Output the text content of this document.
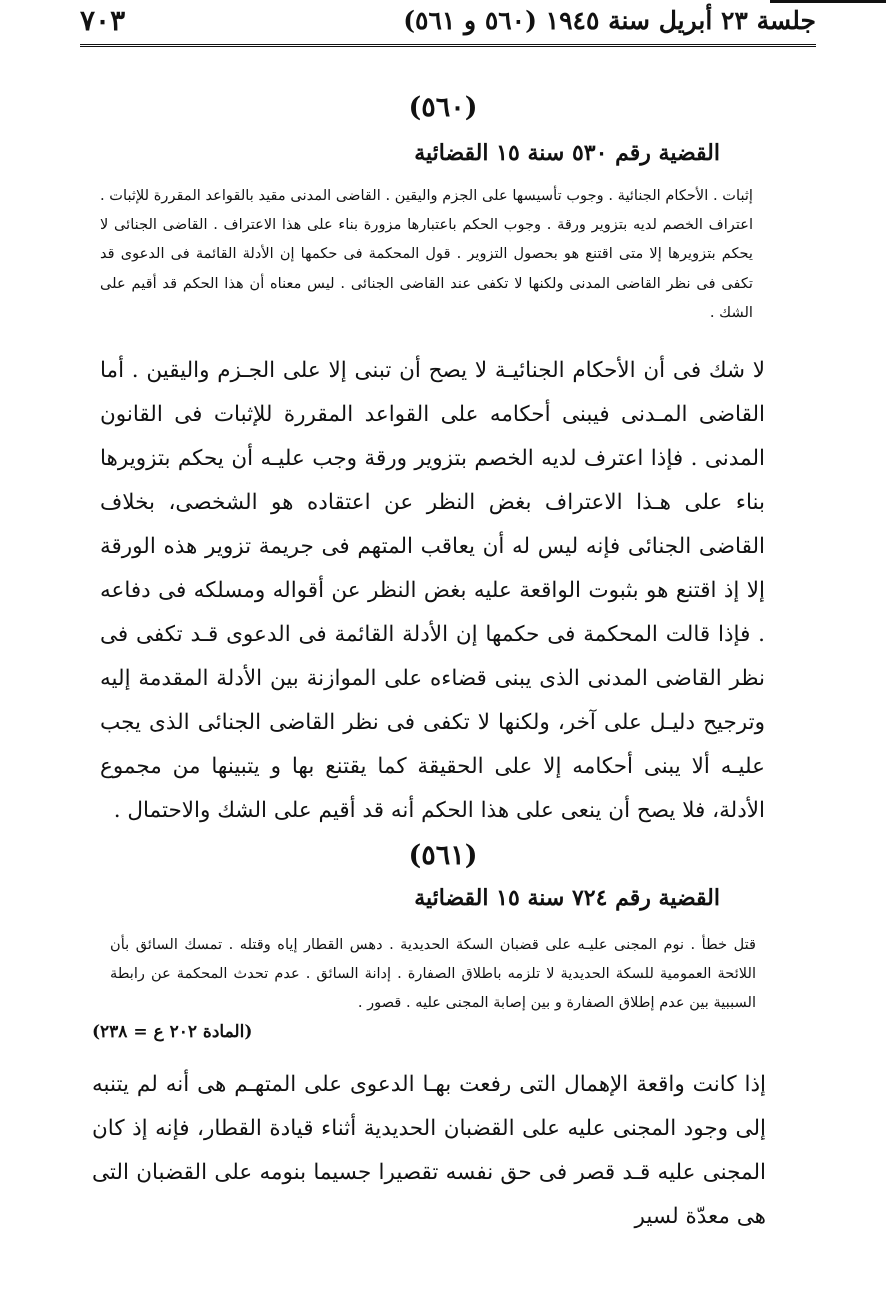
جلسة ٢٣ أبريل سنة ١٩٤٥ (٥٦٠ و ٥٦١)
٧٠٣
(٥٦٠)
القضية رقم ٥٣٠ سنة ١٥ القضائية
إثبات . الأحكام الجنائية . وجوب تأسيسها على الجزم واليقين . القاضى المدنى مقيد بالقواعد المقررة للإثبات . اعتراف الخصم لديه بتزوير ورقة . وجوب الحكم باعتبارها مزورة بناء على هذا الاعتراف . القاضى الجنائى لا يحكم بتزويرها إلا متى اقتنع هو بحصول التزوير . قول المحكمة فى حكمها إن الأدلة القائمة فى الدعوى قد تكفى فى نظر القاضى المدنى ولكنها لا تكفى عند القاضى الجنائى . ليس معناه أن هذا الحكم قد أقيم على الشك .
لا شك فى أن الأحكام الجنائيـة لا يصح أن تبنى إلا على الجـزم واليقين . أما القاضى المـدنى فيبنى أحكامه على القواعد المقررة للإثبات فى القانون المدنى . فإذا اعترف لديه الخصم بتزوير ورقة وجب عليـه أن يحكم بتزويرها بناء على هـذا الاعتراف بغض النظر عن اعتقاده هو الشخصى، بخلاف القاضى الجنائى فإنه ليس له أن يعاقب المتهم فى جريمة تزوير هذه الورقة إلا إذ اقتنع هو بثبوت الواقعة عليه بغض النظر عن أقواله ومسلكه فى دفاعه . فإذا قالت المحكمة فى حكمها إن الأدلة القائمة فى الدعوى قـد تكفى فى نظر القاضى المدنى الذى يبنى قضاءه على الموازنة بين الأدلة المقدمة إليه وترجيح دليـل على آخر، ولكنها لا تكفى فى نظر القاضى الجنائى الذى يجب عليـه ألا يبنى أحكامه إلا على الحقيقة كما يقتنع بها و يتبينها من مجموع الأدلة، فلا يصح أن ينعى على هذا الحكم أنه قد أقيم على الشك والاحتمال .
(٥٦١)
القضية رقم ٧٢٤ سنة ١٥ القضائية
قتل خطأ . نوم المجنى عليـه على قضبان السكة الحديدية . دهس القطار إياه وقتله . تمسك السائق بأن اللائحة العمومية للسكة الحديدية لا تلزمه باطلاق الصفارة . إدانة السائق . عدم تحدث المحكمة عن رابطة السببية بين عدم إطلاق الصفارة و بين إصابة المجنى عليه . قصور .
(المادة ٢٠٢ ع = ٢٣٨)
إذا كانت واقعة الإهمال التى رفعت بهـا الدعوى على المتهـم هى أنه لم يتنبه إلى وجود المجنى عليه على القضبان الحديدية أثناء قيادة القطار، فإنه إذ كان المجنى عليه قـد قصر فى حق نفسه تقصيرا جسيما بنومه على القضبان التى هى معدّة لسير
